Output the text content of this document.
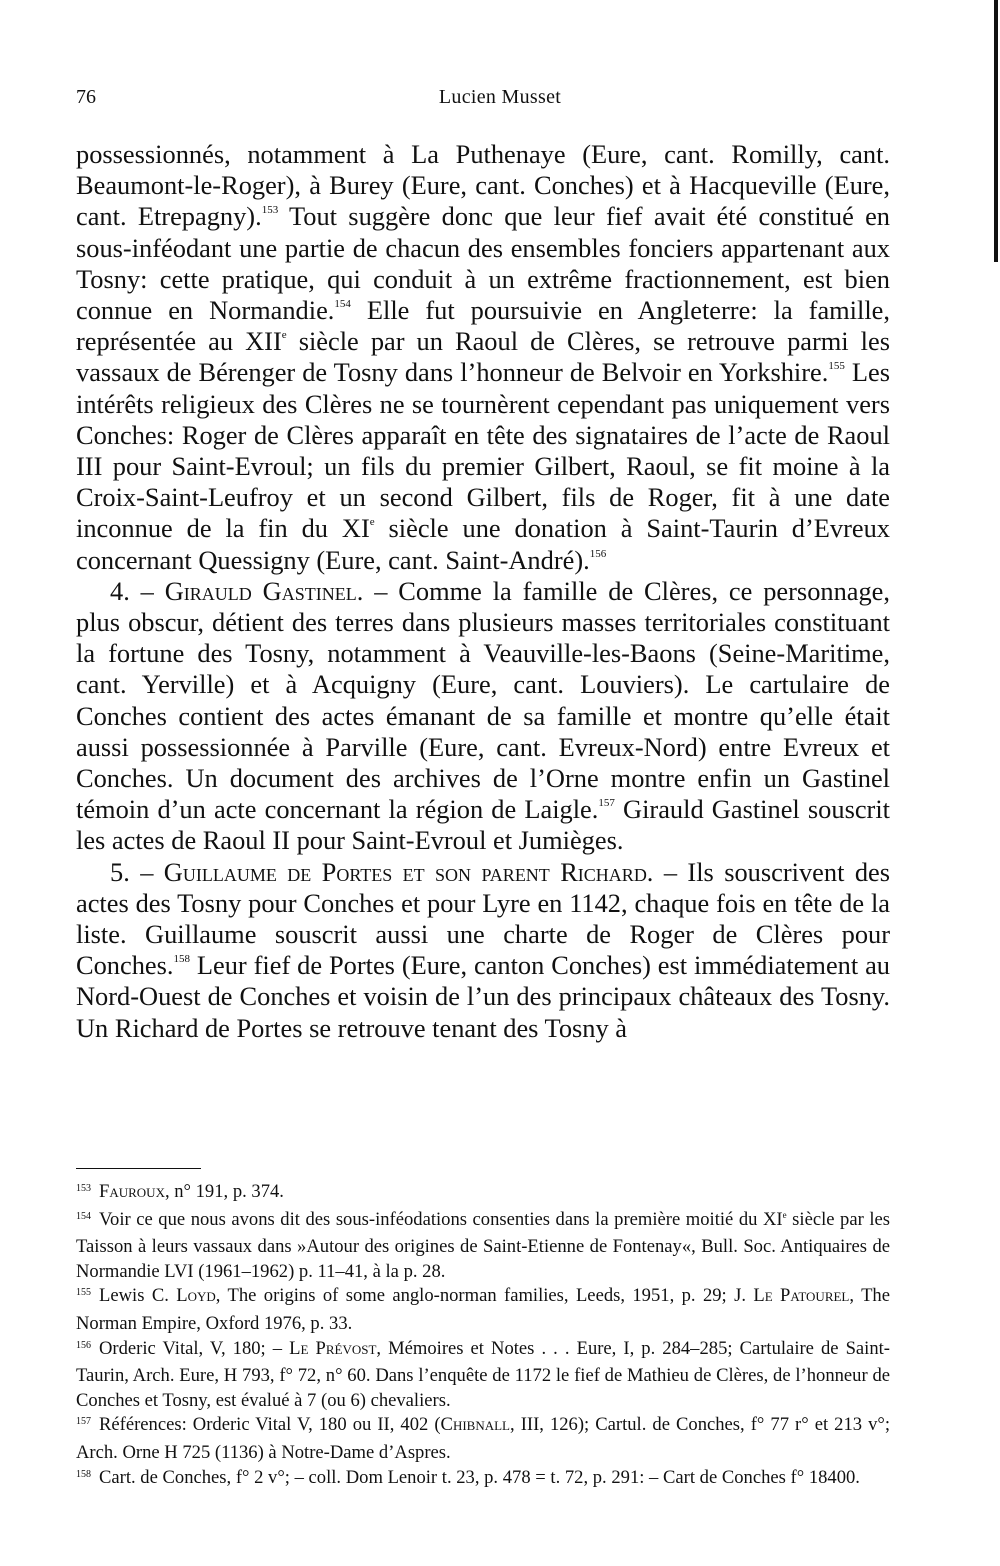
76	Lucien Musset

possessionnés, notamment à La Puthenaye (Eure, cant. Romilly, cant. Beaumont-le-Roger), à Burey (Eure, cant. Conches) et à Hacqueville (Eure, cant. Etrepagny).$^{153}$ Tout suggère donc que leur fief avait été constitué en sous-inféodant une partie de chacun des ensembles fonciers appartenant aux Tosny: cette pratique, qui conduit à un extrême fractionnement, est bien connue en Normandie.$^{154}$ Elle fut poursuivie en Angleterre: la famille, représentée au XIIe siècle par un Raoul de Clères, se retrouve parmi les vassaux de Bérenger de Tosny dans l’honneur de Belvoir en Yorkshire.$^{155}$ Les intérêts religieux des Clères ne se tournèrent cependant pas uniquement vers Conches: Roger de Clères apparaît en tête des signataires de l’acte de Raoul III pour Saint-Evroul; un fils du premier Gilbert, Raoul, se fit moine à la Croix-Saint-Leufroy et un second Gilbert, fils de Roger, fit à une date inconnue de la fin du XIe siècle une donation à Saint-Taurin d’Evreux concernant Quessigny (Eure, cant. Saint-André).$^{156}$

4. – Girauld Gastinel. – Comme la famille de Clères, ce personnage, plus obscur, détient des terres dans plusieurs masses territoriales constituant la fortune des Tosny, notamment à Veauville-les-Baons (Seine-Maritime, cant. Yerville) et à Acquigny (Eure, cant. Louviers). Le cartulaire de Conches contient des actes émanant de sa famille et montre qu’elle était aussi possessionnée à Parville (Eure, cant. Evreux-Nord) entre Evreux et Conches. Un document des archives de l’Orne montre enfin un Gastinel témoin d’un acte concernant la région de Laigle.$^{157}$ Girauld Gastinel souscrit les actes de Raoul II pour Saint-Evroul et Jumièges.

5. – Guillaume de Portes et son parent Richard. – Ils souscrivent des actes des Tosny pour Conches et pour Lyre en 1142, chaque fois en tête de la liste. Guillaume souscrit aussi une charte de Roger de Clères pour Conches.$^{158}$ Leur fief de Portes (Eure, canton Conches) est immédiatement au Nord-Ouest de Conches et voisin de l’un des principaux châteaux des Tosny. Un Richard de Portes se retrouve tenant des Tosny à

$^{153}$ Fauroux, n° 191, p. 374.

$^{154}$ Voir ce que nous avons dit des sous-inféodations consenties dans la première moitié du XIe siècle par les Taisson à leurs vassaux dans »Autour des origines de Saint-Etienne de Fontenay«, Bull. Soc. Antiquaires de Normandie LVI (1961–1962) p. 11–41, à la p. 28.

$^{155}$ Lewis C. Loyd, The origins of some anglo-norman families, Leeds, 1951, p. 29; J. Le Patourel, The Norman Empire, Oxford 1976, p. 33.

$^{156}$ Orderic Vital, V, 180; – Le Prévost, Mémoires et Notes . . . Eure, I, p. 284–285; Cartulaire de Saint-Taurin, Arch. Eure, H 793, f° 72, n° 60. Dans l’enquête de 1172 le fief de Mathieu de Clères, de l’honneur de Conches et Tosny, est évalué à 7 (ou 6) chevaliers.

$^{157}$ Références: Orderic Vital V, 180 ou II, 402 (Chibnall, III, 126); Cartul. de Conches, f° 77 r° et 213 v°; Arch. Orne H 725 (1136) à Notre-Dame d’Aspres.

$^{158}$ Cart. de Conches, f° 2 v°; – coll. Dom Lenoir t. 23, p. 478 = t. 72, p. 291: – Cart de Conches f° 18400.
